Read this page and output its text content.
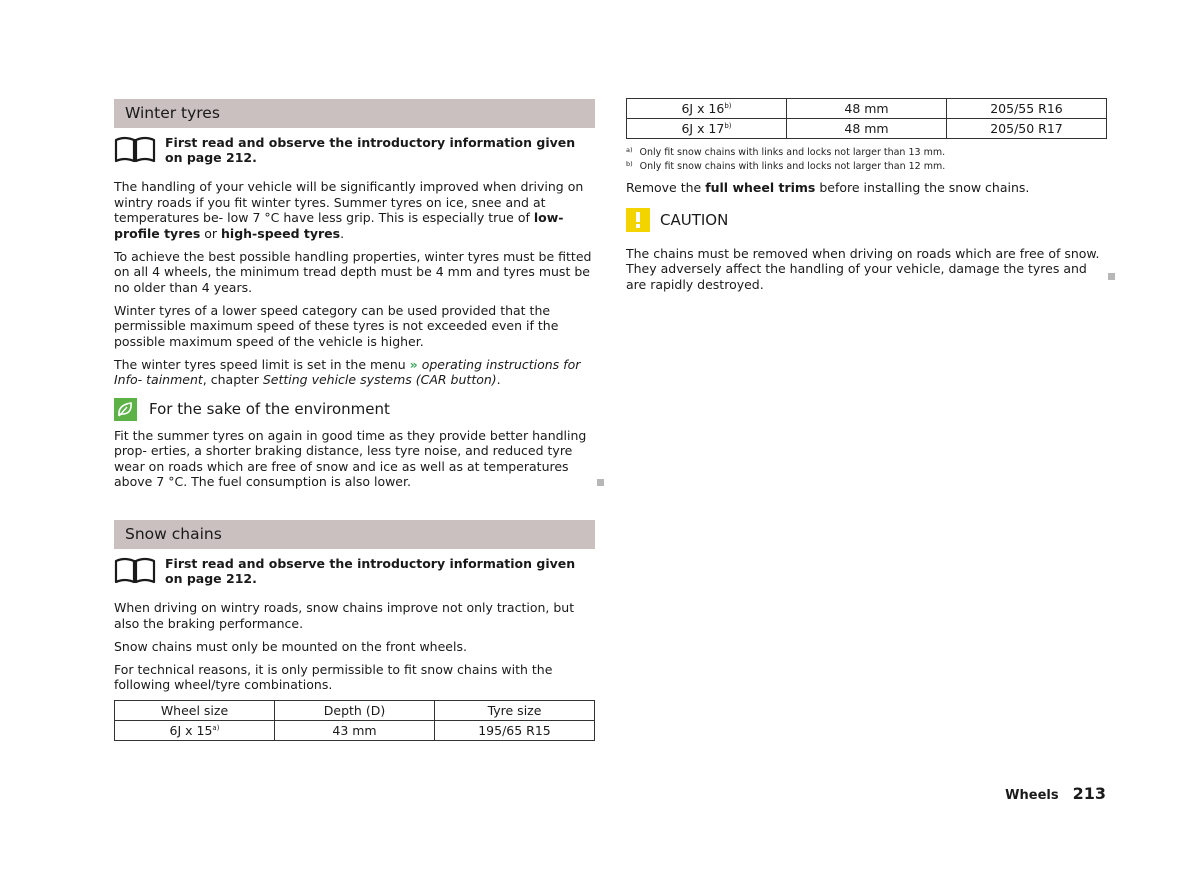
Winter tyres
First read and observe the introductory information given on page 212.

The handling of your vehicle will be significantly improved when driving on wintry roads if you fit winter tyres. Summer tyres on ice, snee and at temperatures be- low 7 °C have less grip. This is especially true of low-profile tyres or high-speed tyres.

To achieve the best possible handling properties, winter tyres must be fitted on all 4 wheels, the minimum tread depth must be 4 mm and tyres must be no older than 4 years.

Winter tyres of a lower speed category can be used provided that the permissible maximum speed of these tyres is not exceeded even if the possible maximum speed of the vehicle is higher.

The winter tyres speed limit is set in the menu » operating instructions for Info- tainment, chapter Setting vehicle systems (CAR button).

For the sake of the environment

Fit the summer tyres on again in good time as they provide better handling prop- erties, a shorter braking distance, less tyre noise, and reduced tyre wear on roads which are free of snow and ice as well as at temperatures above 7 °C. The fuel consumption is also lower.

Snow chains
First read and observe the introductory information given on page 212.

When driving on wintry roads, snow chains improve not only traction, but also the braking performance.

Snow chains must only be mounted on the front wheels.

For technical reasons, it is only permissible to fit snow chains with the following wheel/tyre combinations.

Wheel size	Depth (D)	Tyre size
6J x 15$^{a)}$	43 mm	195/65 R15
6J x 16$^{b)}$	48 mm	205/55 R16
6J x 17$^{b)}$	48 mm	205/50 R17
$^{a)}$ Only fit snow chains with links and locks not larger than 13 mm.
$^{b)}$ Only fit snow chains with links and locks not larger than 12 mm.

Remove the full wheel trims before installing the snow chains.

CAUTION

The chains must be removed when driving on roads which are free of snow. They adversely affect the handling of your vehicle, damage the tyres and are rapidly destroyed.

Wheels 213
